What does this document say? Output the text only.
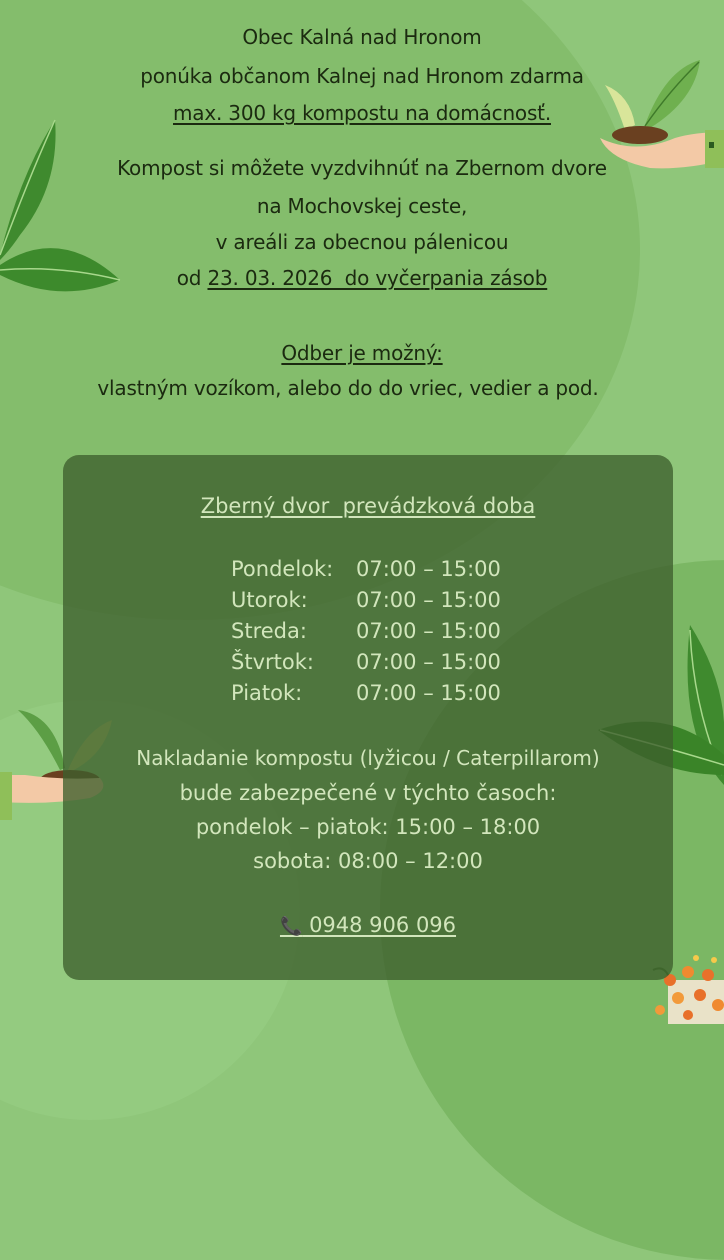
Obec Kalná nad Hronom
ponúka občanom Kalnej nad Hronom zdarma
max. 300 kg kompostu na domácnosť.
Kompost si môžete vyzdvihnúť na Zbernom dvore
na Mochovskej ceste,
v areáli za obecnou pálenicou
od 23. 03. 2026  do vyčerpania zásob
Odber je možný:
vlastným vozíkom, alebo do do vriec, vedier a pod.
Zberný dvor  prevádzková doba
Pondelok: 07:00 – 15:00
Utorok: 07:00 – 15:00
Streda: 07:00 – 15:00
Štvrtok: 07:00 – 15:00
Piatok:	07:00 – 15:00
Nakladanie kompostu (lyžicou / Caterpillarom)
bude zabezpečené v týchto časoch:
pondelok – piatok: 15:00 – 18:00
sobota: 08:00 – 12:00
📞 0948 906 096
